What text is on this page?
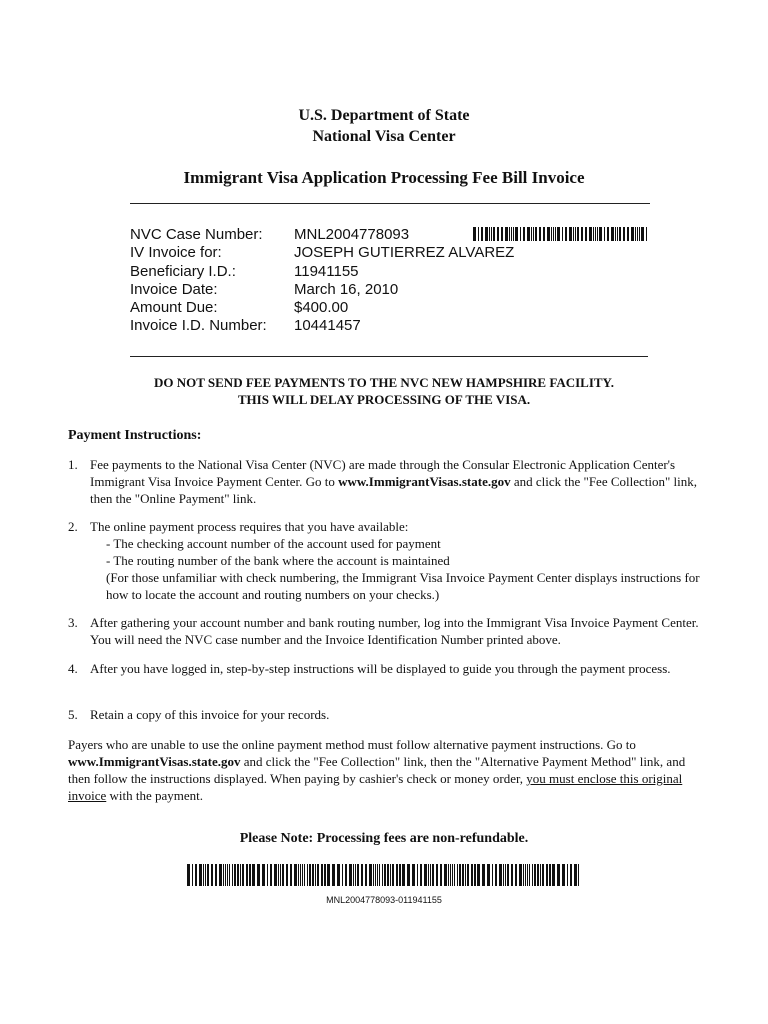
U.S. Department of State
National Visa Center
Immigrant Visa Application Processing Fee Bill Invoice
NVC Case Number: MNL2004778093
IV Invoice for:	JOSEPH GUTIERREZ ALVAREZ
Beneficiary I.D.:	11941155
Invoice Date:	March 16, 2010
Amount Due:	$400.00
Invoice I.D. Number: 10441457
DO NOT SEND FEE PAYMENTS TO THE NVC NEW HAMPSHIRE FACILITY.
THIS WILL DELAY PROCESSING OF THE VISA.
Payment Instructions:
1. Fee payments to the National Visa Center (NVC) are made through the Consular Electronic Application Center's Immigrant Visa Invoice Payment Center. Go to www.ImmigrantVisas.state.gov and click the "Fee Collection" link, then the "Online Payment" link.
2. The online payment process requires that you have available:
- The checking account number of the account used for payment
- The routing number of the bank where the account is maintained
(For those unfamiliar with check numbering, the Immigrant Visa Invoice Payment Center displays instructions for how to locate the account and routing numbers on your checks.)
3. After gathering your account number and bank routing number, log into the Immigrant Visa Invoice Payment Center. You will need the NVC case number and the Invoice Identification Number printed above.
4. After you have logged in, step-by-step instructions will be displayed to guide you through the payment process.
5. Retain a copy of this invoice for your records.
Payers who are unable to use the online payment method must follow alternative payment instructions. Go to www.ImmigrantVisas.state.gov and click the "Fee Collection" link, then the "Alternative Payment Method" link, and then follow the instructions displayed. When paying by cashier's check or money order, you must enclose this original invoice with the payment.
Please Note: Processing fees are non-refundable.
MNL2004778093-011941155
